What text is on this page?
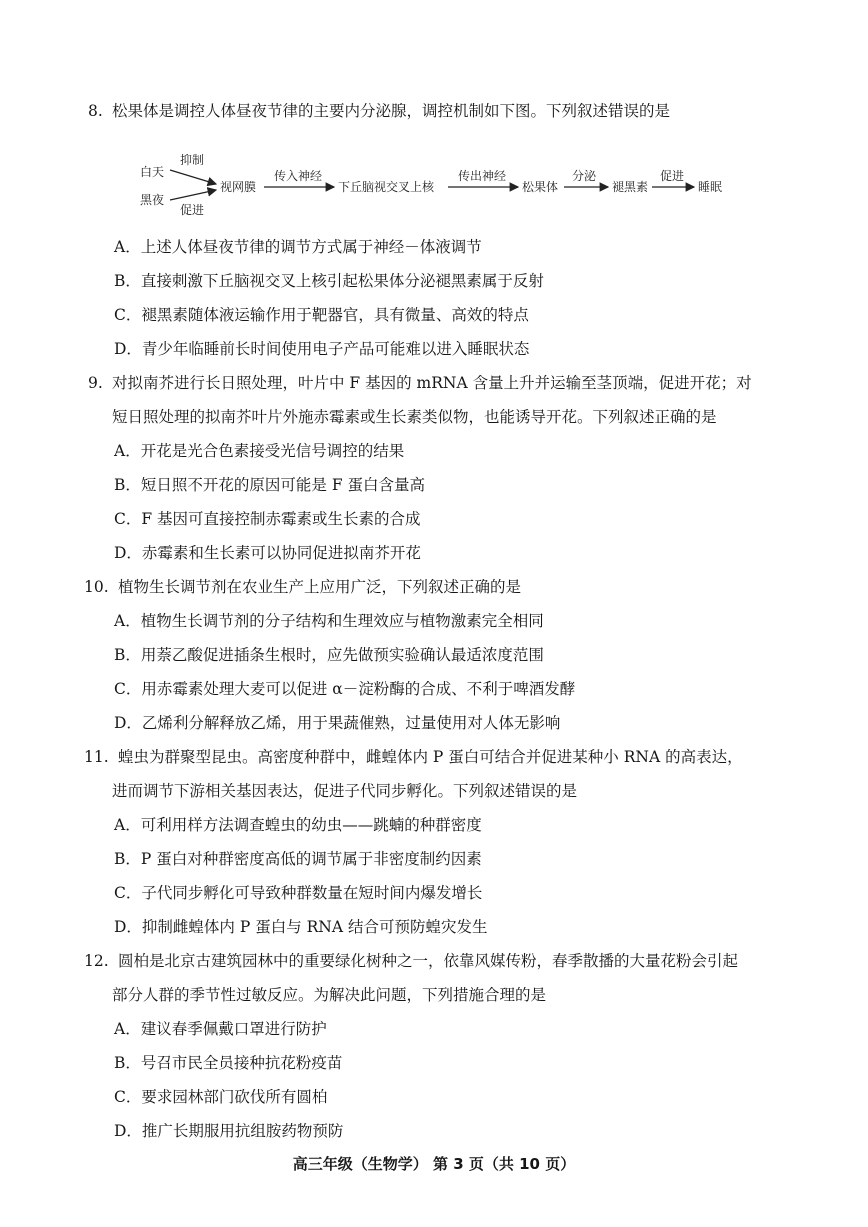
8. 松果体是调控人体昼夜节律的主要内分泌腺，调控机制如下图。下列叙述错误的是
白天
黑夜
抑制
促进
视网膜
传入神经
下丘脑视交叉上核
传出神经
松果体
分泌
褪黑素
促进
睡眠
A．上述人体昼夜节律的调节方式属于神经－体液调节
B．直接刺激下丘脑视交叉上核引起松果体分泌褪黑素属于反射
C．褪黑素随体液运输作用于靶器官，具有微量、高效的特点
D．青少年临睡前长时间使用电子产品可能难以进入睡眠状态
9. 对拟南芥进行长日照处理，叶片中 F 基因的 mRNA 含量上升并运输至茎顶端，促进开花；对
短日照处理的拟南芥叶片外施赤霉素或生长素类似物，也能诱导开花。下列叙述正确的是
A．开花是光合色素接受光信号调控的结果
B．短日照不开花的原因可能是 F 蛋白含量高
C．F 基因可直接控制赤霉素或生长素的合成
D．赤霉素和生长素可以协同促进拟南芥开花
10. 植物生长调节剂在农业生产上应用广泛，下列叙述正确的是
A．植物生长调节剂的分子结构和生理效应与植物激素完全相同
B．用萘乙酸促进插条生根时，应先做预实验确认最适浓度范围
C．用赤霉素处理大麦可以促进 α－淀粉酶的合成、不利于啤酒发酵
D．乙烯利分解释放乙烯，用于果蔬催熟，过量使用对人体无影响
11. 蝗虫为群聚型昆虫。高密度种群中，雌蝗体内 P 蛋白可结合并促进某种小 RNA 的高表达，
进而调节下游相关基因表达，促进子代同步孵化。下列叙述错误的是
A．可利用样方法调查蝗虫的幼虫——跳蝻的种群密度
B．P 蛋白对种群密度高低的调节属于非密度制约因素
C．子代同步孵化可导致种群数量在短时间内爆发增长
D．抑制雌蝗体内 P 蛋白与 RNA 结合可预防蝗灾发生
12. 圆柏是北京古建筑园林中的重要绿化树种之一，依靠风媒传粉，春季散播的大量花粉会引起
部分人群的季节性过敏反应。为解决此问题，下列措施合理的是
A．建议春季佩戴口罩进行防护
B．号召市民全员接种抗花粉疫苗
C．要求园林部门砍伐所有圆柏
D．推广长期服用抗组胺药物预防
高三年级（生物学） 第 3 页（共 10 页）
